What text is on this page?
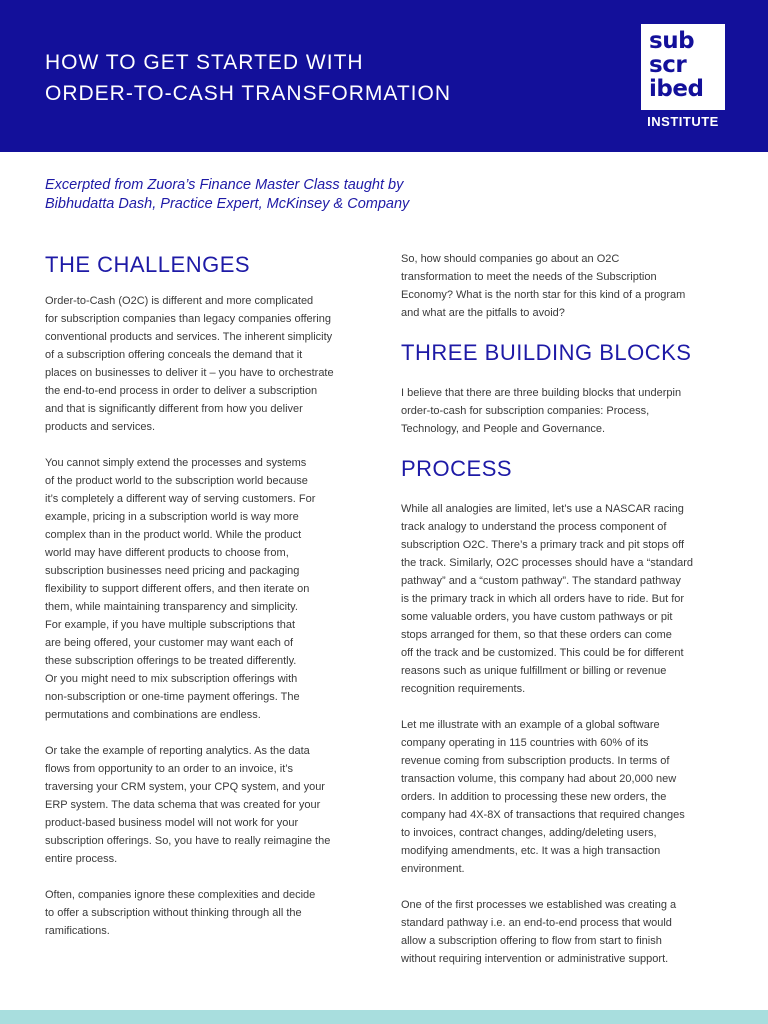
HOW TO GET STARTED WITH
ORDER-TO-CASH TRANSFORMATION
sub
scr
ibed
INSTITUTE
Excerpted from Zuora’s Finance Master Class taught by
Bibhudatta Dash, Practice Expert, McKinsey & Company
THE CHALLENGES
Order-to-Cash (O2C) is different and more complicated
for subscription companies than legacy companies offering
conventional products and services. The inherent simplicity
of a subscription offering conceals the demand that it
places on businesses to deliver it – you have to orchestrate
the end-to-end process in order to deliver a subscription
and that is significantly different from how you deliver
products and services.
You cannot simply extend the processes and systems
of the product world to the subscription world because
it’s completely a different way of serving customers. For
example, pricing in a subscription world is way more
complex than in the product world. While the product
world may have different products to choose from,
subscription businesses need pricing and packaging
flexibility to support different offers, and then iterate on
them, while maintaining transparency and simplicity.
For example, if you have multiple subscriptions that
are being offered, your customer may want each of
these subscription offerings to be treated differently.
Or you might need to mix subscription offerings with
non-subscription or one-time payment offerings. The
permutations and combinations are endless.
Or take the example of reporting analytics. As the data
flows from opportunity to an order to an invoice, it’s
traversing your CRM system, your CPQ system, and your
ERP system. The data schema that was created for your
product-based business model will not work for your
subscription offerings. So, you have to really reimagine the
entire process.
Often, companies ignore these complexities and decide
to offer a subscription without thinking through all the
ramifications.
So, how should companies go about an O2C
transformation to meet the needs of the Subscription
Economy? What is the north star for this kind of a program
and what are the pitfalls to avoid?
THREE BUILDING BLOCKS
I believe that there are three building blocks that underpin
order-to-cash for subscription companies: Process,
Technology, and People and Governance.
PROCESS
While all analogies are limited, let’s use a NASCAR racing
track analogy to understand the process component of
subscription O2C. There’s a primary track and pit stops off
the track. Similarly, O2C processes should have a “standard
pathway” and a “custom pathway”. The standard pathway
is the primary track in which all orders have to ride. But for
some valuable orders, you have custom pathways or pit
stops arranged for them, so that these orders can come
off the track and be customized. This could be for different
reasons such as unique fulfillment or billing or revenue
recognition requirements.
Let me illustrate with an example of a global software
company operating in 115 countries with 60% of its
revenue coming from subscription products. In terms of
transaction volume, this company had about 20,000 new
orders. In addition to processing these new orders, the
company had 4X-8X of transactions that required changes
to invoices, contract changes, adding/deleting users,
modifying amendments, etc. It was a high transaction
environment.
One of the first processes we established was creating a
standard pathway i.e. an end-to-end process that would
allow a subscription offering to flow from start to finish
without requiring intervention or administrative support.
